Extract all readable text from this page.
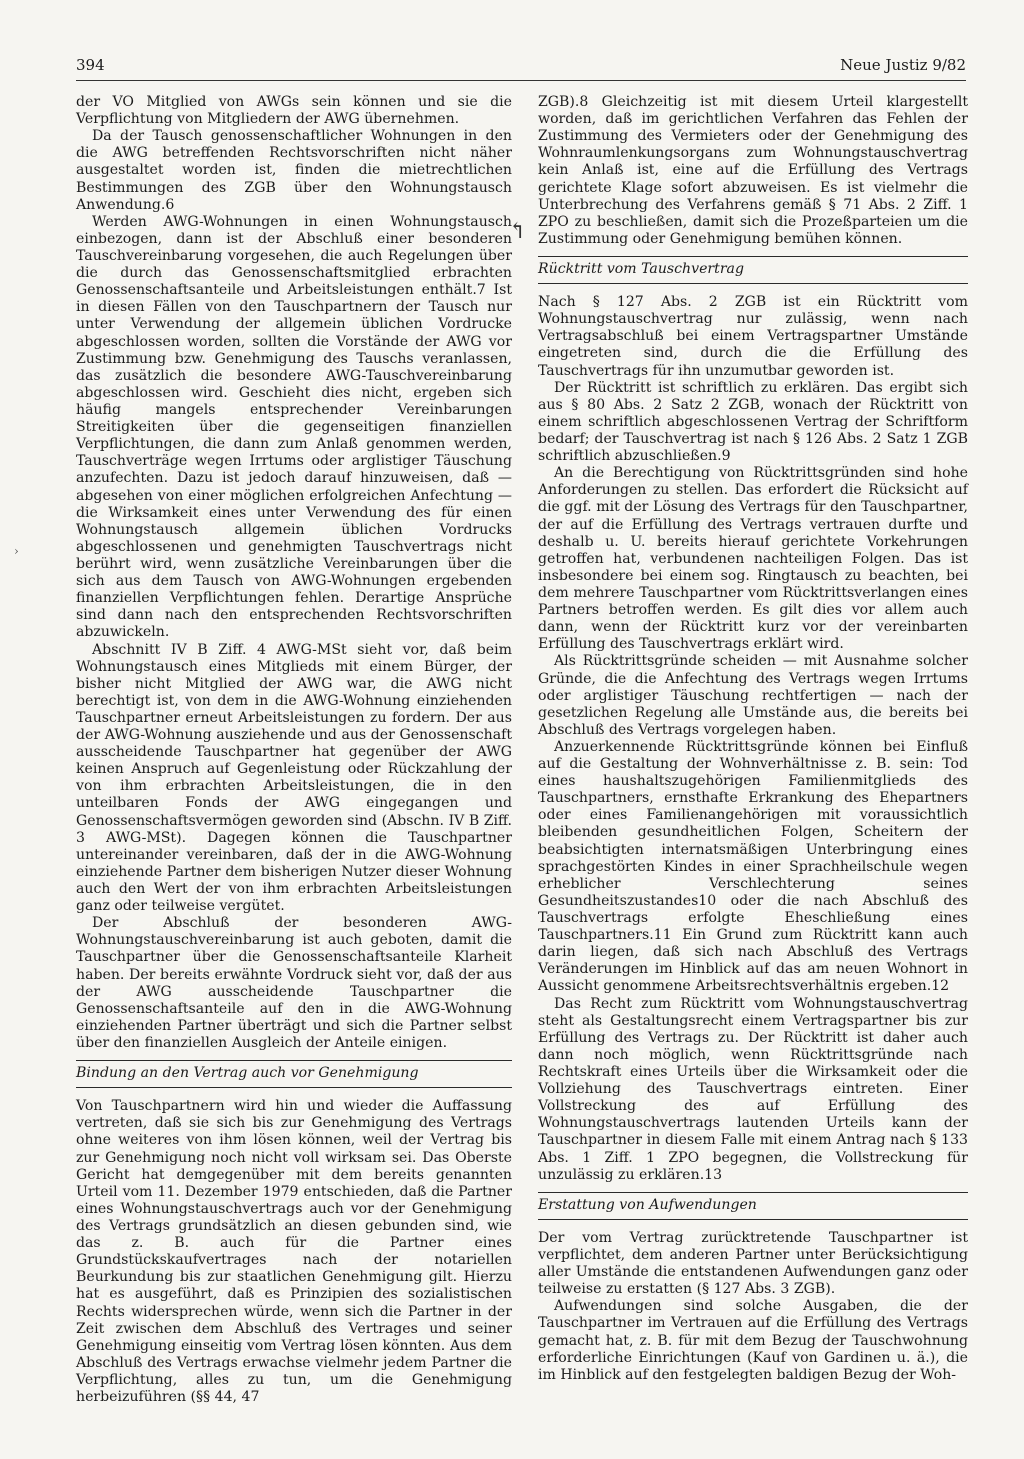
394	Neue Justiz 9/82
›
↰

der VO Mitglied von AWGs sein können und sie die Verpflichtung von Mitgliedern der AWG übernehmen.

Da der Tausch genossenschaftlicher Wohnungen in den die AWG betreffenden Rechtsvorschriften nicht näher ausgestaltet worden ist, finden die mietrechtlichen Bestimmungen des ZGB über den Wohnungstausch Anwendung.6

Werden AWG-Wohnungen in einen Wohnungstausch einbezogen, dann ist der Abschluß einer besonderen Tauschvereinbarung vorgesehen, die auch Regelungen über die durch das Genossenschaftsmitglied erbrachten Genossenschaftsanteile und Arbeitsleistungen enthält.7 Ist in diesen Fällen von den Tauschpartnern der Tausch nur unter Verwendung der allgemein üblichen Vordrucke abgeschlossen worden, sollten die Vorstände der AWG vor Zustimmung bzw. Genehmigung des Tauschs veranlassen, das zusätzlich die besondere AWG-Tauschvereinbarung abgeschlossen wird. Geschieht dies nicht, ergeben sich häufig mangels entsprechender Vereinbarungen Streitigkeiten über die gegenseitigen finanziellen Verpflichtungen, die dann zum Anlaß genommen werden, Tauschverträge wegen Irrtums oder arglistiger Täuschung anzufechten. Dazu ist jedoch darauf hinzuweisen, daß — abgesehen von einer möglichen erfolgreichen Anfechtung — die Wirksamkeit eines unter Verwendung des für einen Wohnungstausch allgemein üblichen Vordrucks abgeschlossenen und genehmigten Tauschvertrags nicht berührt wird, wenn zusätzliche Vereinbarungen über die sich aus dem Tausch von AWG-Wohnungen ergebenden finanziellen Verpflichtungen fehlen. Derartige Ansprüche sind dann nach den entsprechenden Rechtsvorschriften abzuwickeln.

Abschnitt IV B Ziff. 4 AWG-MSt sieht vor, daß beim Wohnungstausch eines Mitglieds mit einem Bürger, der bisher nicht Mitglied der AWG war, die AWG nicht berechtigt ist, von dem in die AWG-Wohnung einziehenden Tauschpartner erneut Arbeitsleistungen zu fordern. Der aus der AWG-Wohnung ausziehende und aus der Genossenschaft ausscheidende Tauschpartner hat gegenüber der AWG keinen Anspruch auf Gegenleistung oder Rückzahlung der von ihm erbrachten Arbeitsleistungen, die in den unteilbaren Fonds der AWG eingegangen und Genossenschaftsvermögen geworden sind (Abschn. IV B Ziff. 3 AWG-MSt). Dagegen können die Tauschpartner untereinander vereinbaren, daß der in die AWG-Wohnung einziehende Partner dem bisherigen Nutzer dieser Wohnung auch den Wert der von ihm erbrachten Arbeitsleistungen ganz oder teilweise vergütet.

Der Abschluß der besonderen AWG-Wohnungstauschvereinbarung ist auch geboten, damit die Tauschpartner über die Genossenschaftsanteile Klarheit haben. Der bereits erwähnte Vordruck sieht vor, daß der aus der AWG ausscheidende Tauschpartner die Genossenschaftsanteile auf den in die AWG-Wohnung einziehenden Partner überträgt und sich die Partner selbst über den finanziellen Ausgleich der Anteile einigen.

Bindung an den Vertrag auch vor Genehmigung

Von Tauschpartnern wird hin und wieder die Auffassung vertreten, daß sie sich bis zur Genehmigung des Vertrags ohne weiteres von ihm lösen können, weil der Vertrag bis zur Genehmigung noch nicht voll wirksam sei. Das Oberste Gericht hat demgegenüber mit dem bereits genannten Urteil vom 11. Dezember 1979 entschieden, daß die Partner eines Wohnungstauschvertrags auch vor der Genehmigung des Vertrags grundsätzlich an diesen gebunden sind, wie das z. B. auch für die Partner eines Grundstückskaufvertrages nach der notariellen Beurkundung bis zur staatlichen Genehmigung gilt. Hierzu hat es ausgeführt, daß es Prinzipien des sozialistischen Rechts widersprechen würde, wenn sich die Partner in der Zeit zwischen dem Abschluß des Vertrages und seiner Genehmigung einseitig vom Vertrag lösen könnten. Aus dem Abschluß des Vertrags erwachse vielmehr jedem Partner die Verpflichtung, alles zu tun, um die Genehmigung herbeizuführen (§§ 44, 47

ZGB).8 Gleichzeitig ist mit diesem Urteil klargestellt worden, daß im gerichtlichen Verfahren das Fehlen der Zustimmung des Vermieters oder der Genehmigung des Wohnraumlenkungsorgans zum Wohnungstauschvertrag kein Anlaß ist, eine auf die Erfüllung des Vertrags gerichtete Klage sofort abzuweisen. Es ist vielmehr die Unterbrechung des Verfahrens gemäß § 71 Abs. 2 Ziff. 1 ZPO zu beschließen, damit sich die Prozeßparteien um die Zustimmung oder Genehmigung bemühen können.

Rücktritt vom Tauschvertrag

Nach § 127 Abs. 2 ZGB ist ein Rücktritt vom Wohnungstauschvertrag nur zulässig, wenn nach Vertragsabschluß bei einem Vertragspartner Umstände eingetreten sind, durch die die Erfüllung des Tauschvertrags für ihn unzumutbar geworden ist.

Der Rücktritt ist schriftlich zu erklären. Das ergibt sich aus § 80 Abs. 2 Satz 2 ZGB, wonach der Rücktritt von einem schriftlich abgeschlossenen Vertrag der Schriftform bedarf; der Tauschvertrag ist nach § 126 Abs. 2 Satz 1 ZGB schriftlich abzuschließen.9

An die Berechtigung von Rücktrittsgründen sind hohe Anforderungen zu stellen. Das erfordert die Rücksicht auf die ggf. mit der Lösung des Vertrags für den Tauschpartner, der auf die Erfüllung des Vertrags vertrauen durfte und deshalb u. U. bereits hierauf gerichtete Vorkehrungen getroffen hat, verbundenen nachteiligen Folgen. Das ist insbesondere bei einem sog. Ringtausch zu beachten, bei dem mehrere Tauschpartner vom Rücktrittsverlangen eines Partners betroffen werden. Es gilt dies vor allem auch dann, wenn der Rücktritt kurz vor der vereinbarten Erfüllung des Tauschvertrags erklärt wird.

Als Rücktrittsgründe scheiden — mit Ausnahme solcher Gründe, die die Anfechtung des Vertrags wegen Irrtums oder arglistiger Täuschung rechtfertigen — nach der gesetzlichen Regelung alle Umstände aus, die bereits bei Abschluß des Vertrags vorgelegen haben.

Anzuerkennende Rücktrittsgründe können bei Einfluß auf die Gestaltung der Wohnverhältnisse z. B. sein: Tod eines haushaltszugehörigen Familienmitglieds des Tauschpartners, ernsthafte Erkrankung des Ehepartners oder eines Familienangehörigen mit voraussichtlich bleibenden gesundheitlichen Folgen, Scheitern der beabsichtigten internatsmäßigen Unterbringung eines sprachgestörten Kindes in einer Sprachheilschule wegen erheblicher Verschlechterung seines Gesundheitszustandes10 oder die nach Abschluß des Tauschvertrags erfolgte Eheschließung eines Tauschpartners.11 Ein Grund zum Rücktritt kann auch darin liegen, daß sich nach Abschluß des Vertrags Veränderungen im Hinblick auf das am neuen Wohnort in Aussicht genommene Arbeitsrechtsverhältnis ergeben.12

Das Recht zum Rücktritt vom Wohnungstauschvertrag steht als Gestaltungsrecht einem Vertragspartner bis zur Erfüllung des Vertrags zu. Der Rücktritt ist daher auch dann noch möglich, wenn Rücktrittsgründe nach Rechtskraft eines Urteils über die Wirksamkeit oder die Vollziehung des Tauschvertrags eintreten. Einer Vollstreckung des auf Erfüllung des Wohnungstauschvertrags lautenden Urteils kann der Tauschpartner in diesem Falle mit einem Antrag nach § 133 Abs. 1 Ziff. 1 ZPO begegnen, die Vollstreckung für unzulässig zu erklären.13

Erstattung von Aufwendungen

Der vom Vertrag zurücktretende Tauschpartner ist verpflichtet, dem anderen Partner unter Berücksichtigung aller Umstände die entstandenen Aufwendungen ganz oder teilweise zu erstatten (§ 127 Abs. 3 ZGB).

Aufwendungen sind solche Ausgaben, die der Tauschpartner im Vertrauen auf die Erfüllung des Vertrags gemacht hat, z. B. für mit dem Bezug der Tauschwohnung erforderliche Einrichtungen (Kauf von Gardinen u. ä.), die im Hinblick auf den festgelegten baldigen Bezug der Woh-
